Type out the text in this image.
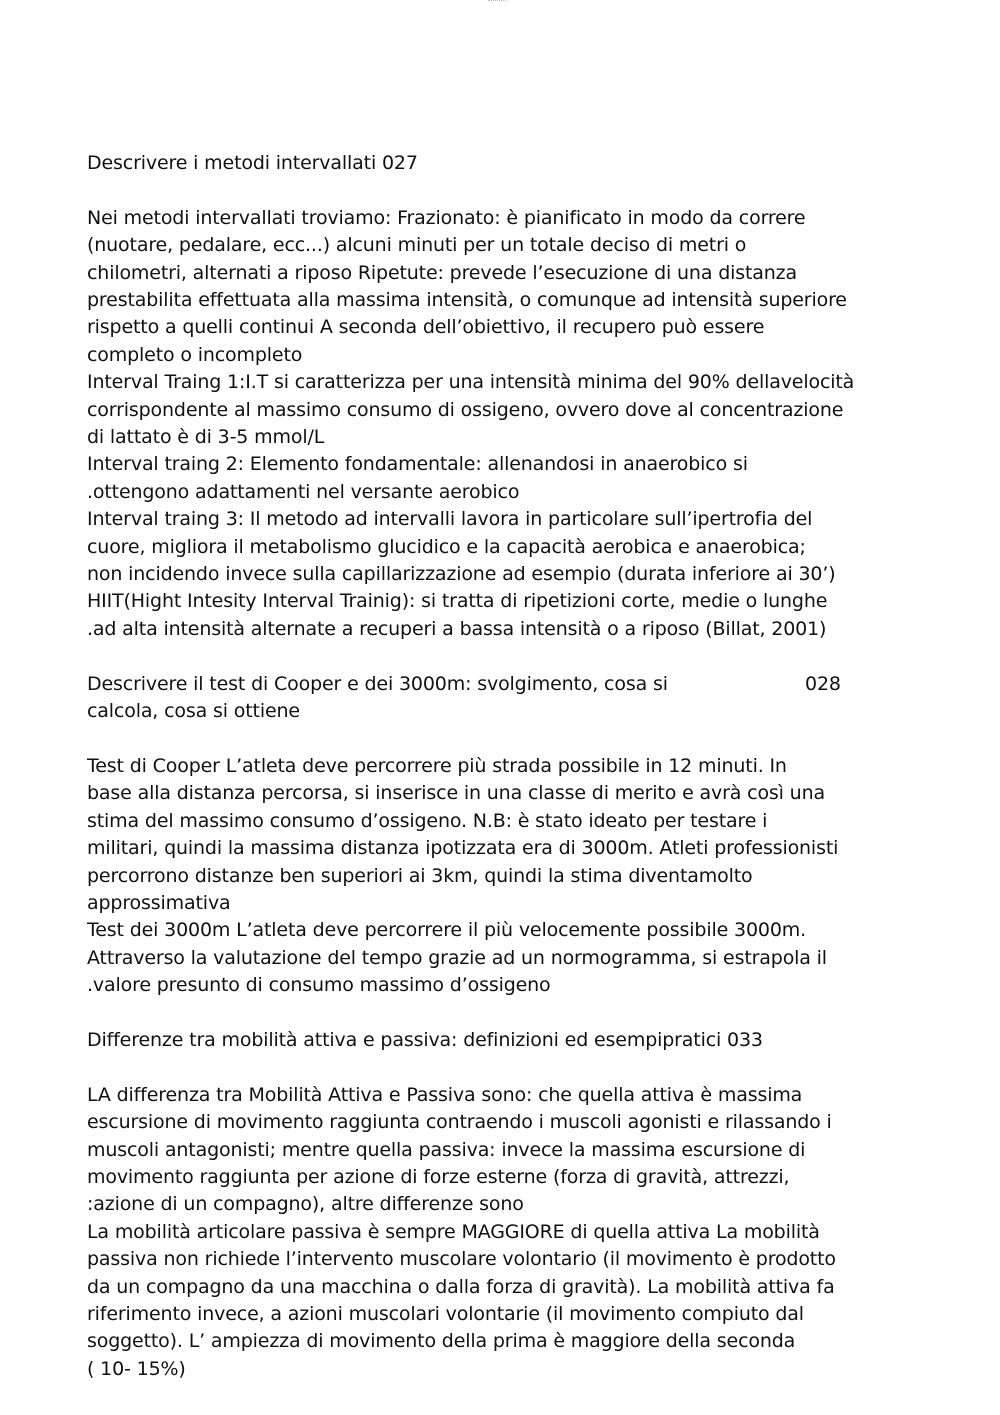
Descrivere i metodi intervallati 027
Nei metodi intervallati troviamo: Frazionato: è pianificato in modo da correre
(nuotare, pedalare, ecc...) alcuni minuti per un totale deciso di metri o
chilometri, alternati a riposo Ripetute: prevede l’esecuzione di una distanza
prestabilita effettuata alla massima intensità, o comunque ad intensità superiore
rispetto a quelli continui A seconda dell’obiettivo, il recupero può essere
completo o incompleto
Interval Traing 1:I.T si caratterizza per una intensità minima del 90% dellavelocità
corrispondente al massimo consumo di ossigeno, ovvero dove al concentrazione
di lattato è di 3-5 mmol/L
Interval traing 2: Elemento fondamentale: allenandosi in anaerobico si
.ottengono adattamenti nel versante aerobico
Interval traing 3: Il metodo ad intervalli lavora in particolare sull’ipertrofia del
cuore, migliora il metabolismo glucidico e la capacità aerobica e anaerobica;
non incidendo invece sulla capillarizzazione ad esempio (durata inferiore ai 30’)
HIIT(Hight Intesity Interval Trainig): si tratta di ripetizioni corte, medie o lunghe
.ad alta intensità alternate a recuperi a bassa intensità o a riposo (Billat, 2001)
Descrivere il test di Cooper e dei 3000m: svolgimento, cosa si	028
calcola, cosa si ottiene
Test di Cooper L’atleta deve percorrere più strada possibile in 12 minuti. In
base alla distanza percorsa, si inserisce in una classe di merito e avrà così una
stima del massimo consumo d’ossigeno. N.B: è stato ideato per testare i
militari, quindi la massima distanza ipotizzata era di 3000m. Atleti professionisti
percorrono distanze ben superiori ai 3km, quindi la stima diventamolto
approssimativa
Test dei 3000m L’atleta deve percorrere il più velocemente possibile 3000m.
Attraverso la valutazione del tempo grazie ad un normogramma, si estrapola il
.valore presunto di consumo massimo d’ossigeno
Differenze tra mobilità attiva e passiva: definizioni ed esempipratici 033
LA differenza tra Mobilità Attiva e Passiva sono: che quella attiva è massima
escursione di movimento raggiunta contraendo i muscoli agonisti e rilassando i
muscoli antagonisti; mentre quella passiva: invece la massima escursione di
movimento raggiunta per azione di forze esterne (forza di gravità, attrezzi,
:azione di un compagno), altre differenze sono
La mobilità articolare passiva è sempre MAGGIORE di quella attiva La mobilità
passiva non richiede l’intervento muscolare volontario (il movimento è prodotto
da un compagno da una macchina o dalla forza di gravità). La mobilità attiva fa
riferimento invece, a azioni muscolari volontarie (il movimento compiuto dal
soggetto). L’ ampiezza di movimento della prima è maggiore della seconda
( 10- 15%)
